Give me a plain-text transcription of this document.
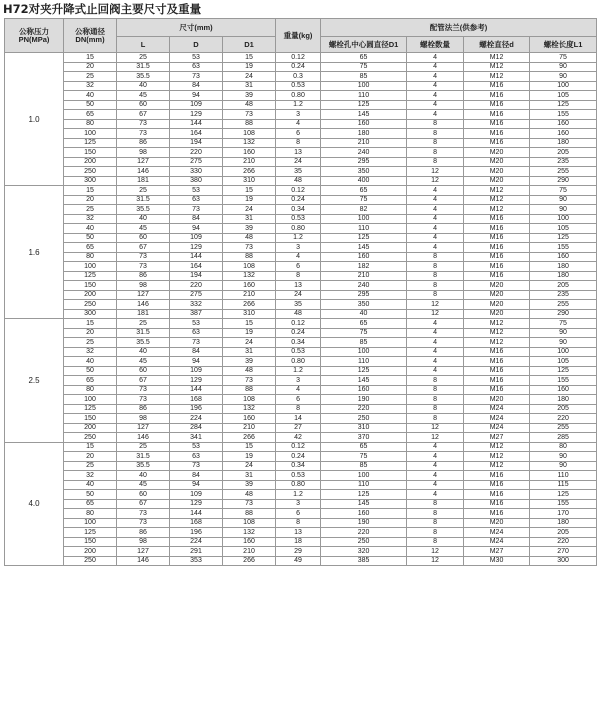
H72对夹升降式止回阀主要尺寸及重量
公称压力PN(MPa)	公称通径DN(mm)	尺寸(mm)			重量(kg)	配管法兰(供参考)			
		L	D	D1		螺栓孔中心圆直径D1	螺栓数量	螺栓直径d	螺栓长度L1
1.0	15	25	53	15	0.12	65	4	M12	75
	20	31.5	63	19	0.24	75	4	M12	90
	25	35.5	73	24	0.3	85	4	M12	90
	32	40	84	31	0.53	100	4	M16	100
	40	45	94	39	0.80	110	4	M16	105
	50	60	109	48	1.2	125	4	M16	125
	65	67	129	73	3	145	4	M16	155
	80	73	144	88	4	160	8	M16	160
	100	73	164	108	6	180	8	M16	160
	125	86	194	132	8	210	8	M16	180
	150	98	220	160	13	240	8	M20	205
	200	127	275	210	24	295	8	M20	235
	250	146	330	266	35	350	12	M20	255
	300	181	380	310	48	400	12	M20	290
1.6	15	25	53	15	0.12	65	4	M12	75
	20	31.5	63	19	0.24	75	4	M12	90
	25	35.5	73	24	0.34	82	4	M12	90
	32	40	84	31	0.53	100	4	M16	100
	40	45	94	39	0.80	110	4	M16	105
	50	60	109	48	1.2	125	4	M16	125
	65	67	129	73	3	145	4	M16	155
	80	73	144	88	4	160	8	M16	160
	100	73	164	108	6	182	8	M16	180
	125	86	194	132	8	210	8	M16	180
	150	98	220	160	13	240	8	M20	205
	200	127	275	210	24	295	8	M20	235
	250	146	332	266	35	350	12	M20	255
	300	181	387	310	48	40	12	M20	290
2.5	15	25	53	15	0.12	65	4	M12	75
	20	31.5	63	19	0.24	75	4	M12	90
	25	35.5	73	24	0.34	85	4	M12	90
	32	40	84	31	0.53	100	4	M16	100
	40	45	94	39	0.80	110	4	M16	105
	50	60	109	48	1.2	125	4	M16	125
	65	67	129	73	3	145	8	M16	155
	80	73	144	88	4	160	8	M16	160
	100	73	168	108	6	190	8	M20	180
	125	86	196	132	8	220	8	M24	205
	150	98	224	160	14	250	8	M24	220
	200	127	284	210	27	310	12	M24	255
	250	146	341	266	42	370	12	M27	285
4.0	15	25	53	15	0.12	65	4	M12	80
	20	31.5	63	19	0.24	75	4	M12	90
	25	35.5	73	24	0.34	85	4	M12	90
	32	40	84	31	0.53	100	4	M16	110
	40	45	94	39	0.80	110	4	M16	115
	50	60	109	48	1.2	125	4	M16	125
	65	67	129	73	3	145	8	M16	155
	80	73	144	88	6	160	8	M16	170
	100	73	168	108	8	190	8	M20	180
	125	86	196	132	13	220	8	M24	205
	150	98	224	160	18	250	8	M24	220
	200	127	291	210	29	320	12	M27	270
	250	146	353	266	49	385	12	M30	300
